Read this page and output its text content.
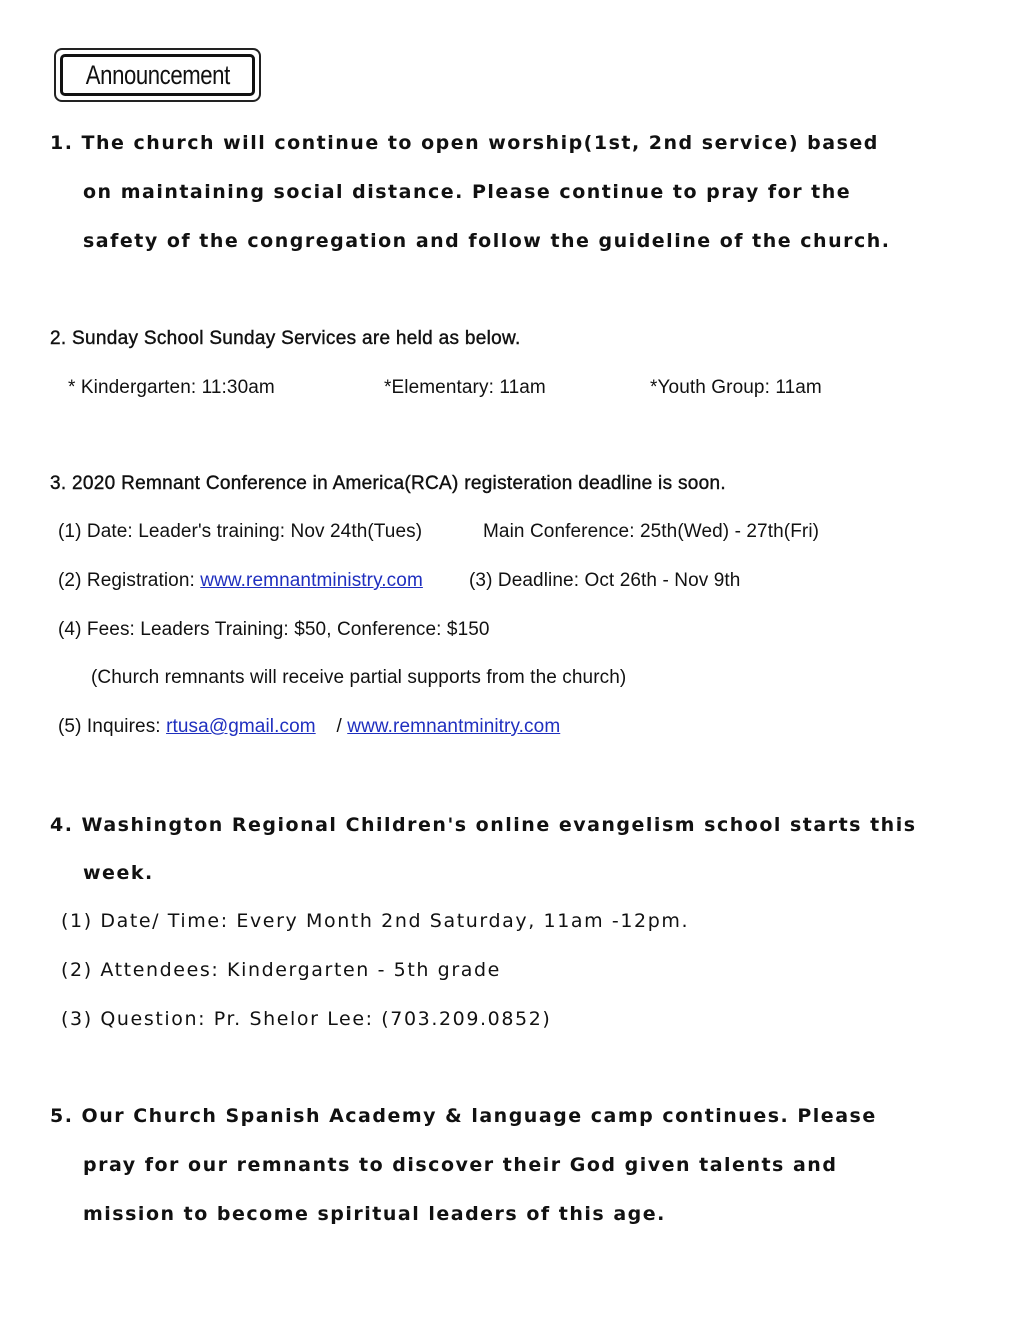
Announcement
1. The church will continue to open worship(1st, 2nd service) based
on maintaining social distance. Please continue to pray for the
safety of the congregation and follow the guideline of the church.
2. Sunday School Sunday Services are held as below.
* Kindergarten: 11:30am	*Elementary: 11am	*Youth Group: 11am
3. 2020 Remnant Conference in America(RCA) registeration deadline is soon.
(1) Date: Leader's training: Nov 24th(Tues)	Main Conference: 25th(Wed) - 27th(Fri)
(2) Registration: www.remnantministry.com (3) Deadline: Oct 26th - Nov 9th
(4) Fees: Leaders Training: $50, Conference: $150
(Church remnants will receive partial supports from the church)
(5) Inquires: rtusa@gmail.com / www.remnantminitry.com
4. Washington Regional Children's online evangelism school starts this
week.
(1) Date/ Time: Every Month 2nd Saturday, 11am -12pm.
(2) Attendees: Kindergarten - 5th grade
(3) Question: Pr. Shelor Lee: (703.209.0852)
5. Our Church Spanish Academy & language camp continues. Please
pray for our remnants to discover their God given talents and
mission to become spiritual leaders of this age.
